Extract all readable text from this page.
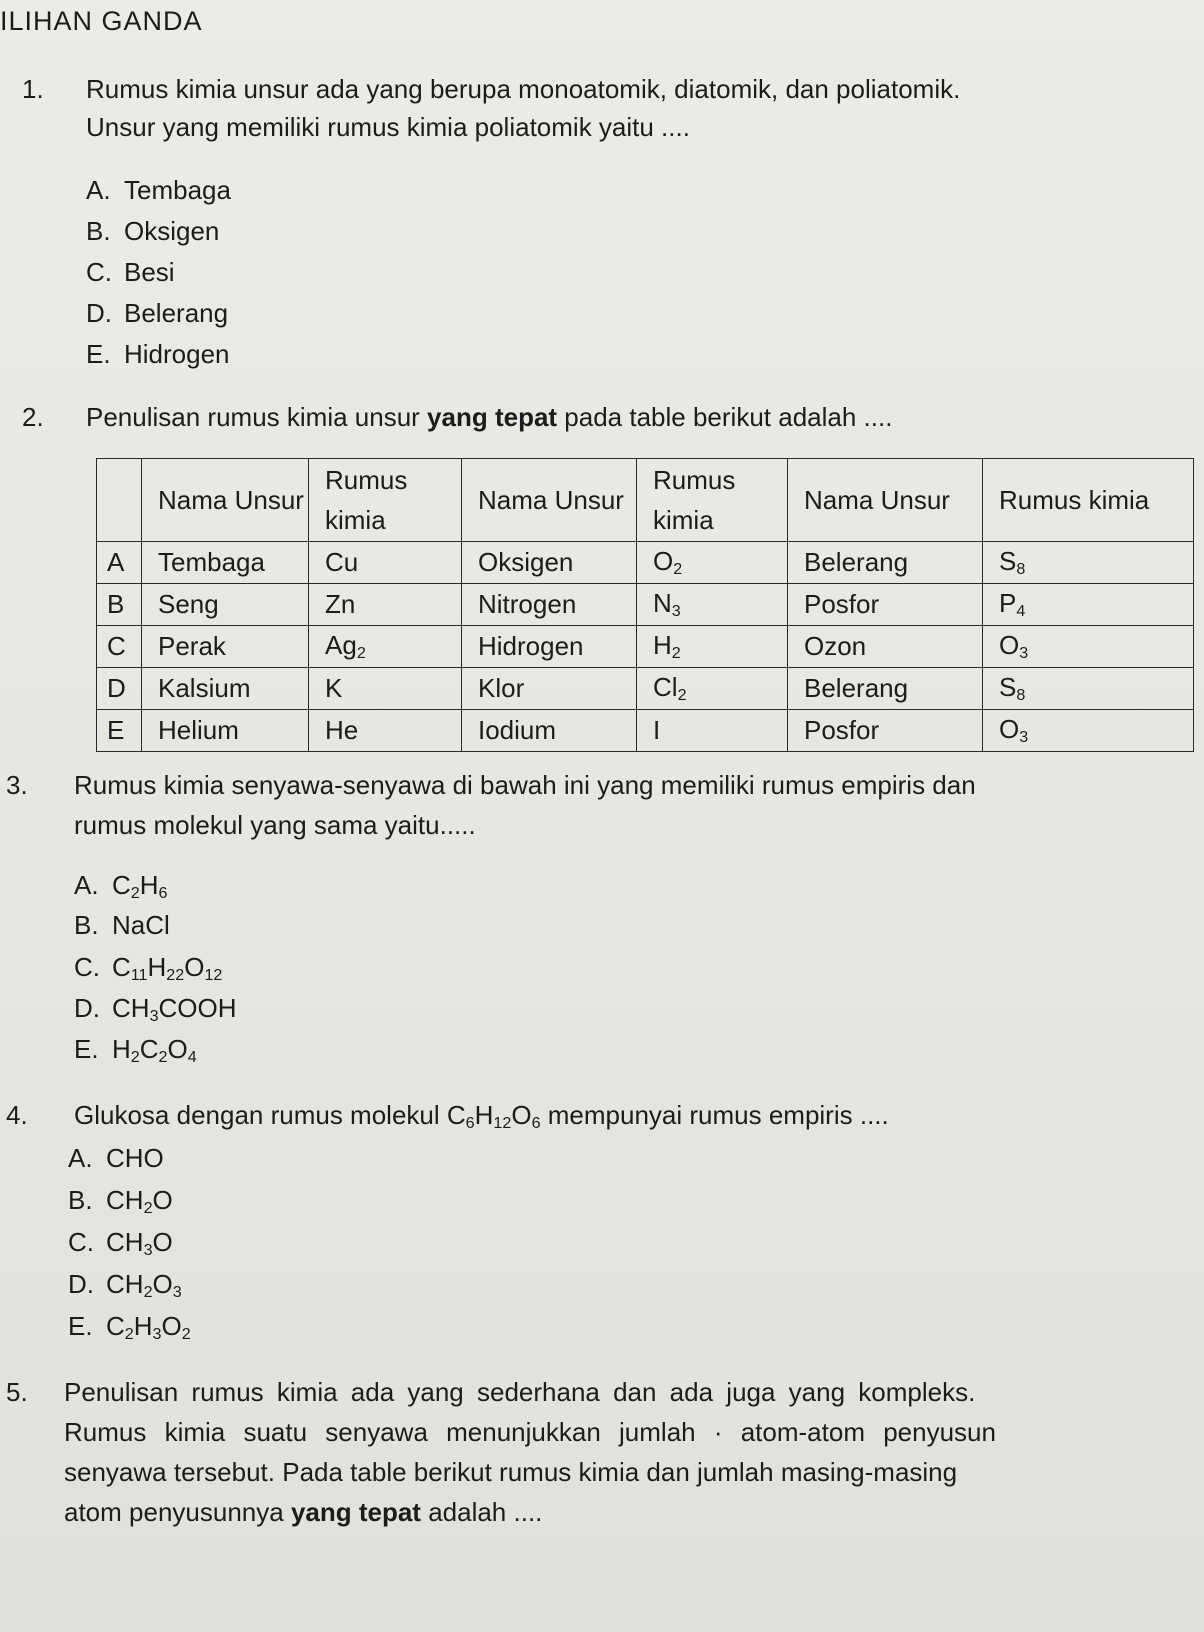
ILIHAN GANDA
1. Rumus kimia unsur ada yang berupa monoatomik, diatomik, dan poliatomik.
Unsur yang memiliki rumus kimia poliatomik yaitu ....
A. Tembaga
B. Oksigen
C. Besi
D. Belerang
E. Hidrogen
2. Penulisan rumus kimia unsur yang tepat pada table berikut adalah ....
	Nama Unsur	Rumus kimia	Nama Unsur	Rumus kimia	Nama Unsur	Rumus kimia
A	Tembaga	Cu	Oksigen	$O_2$	Belerang	$S_8$
B	Seng	Zn	Nitrogen	$N_3$	Posfor	$P_4$
C	Perak	$Ag_2$	Hidrogen	$H_2$	Ozon	$O_3$
D	Kalsium	K	Klor	$Cl_2$	Belerang	$S_8$
E	Helium	He	Iodium	I	Posfor	$O_3$
3. Rumus kimia senyawa-senyawa di bawah ini yang memiliki rumus empiris dan
rumus molekul yang sama yaitu.....
A. $C_2H_6$
B. NaCl
C. $C_{11}H_{22}O_{12}$
D. $CH_3COOH$
E. $H_2C_2O_4$
4. Glukosa dengan rumus molekul $C_6H_{12}O_6$ mempunyai rumus empiris ....
A. CHO
B. $CH_2O$
C. $CH_3O$
D. $CH_2O_3$
E. $C_2H_3O_2$
5. Penulisan rumus kimia ada yang sederhana dan ada juga yang kompleks.
Rumus kimia suatu senyawa menunjukkan jumlah · atom-atom penyusun
senyawa tersebut. Pada table berikut rumus kimia dan jumlah masing-masing
atom penyusunnya yang tepat adalah ....
